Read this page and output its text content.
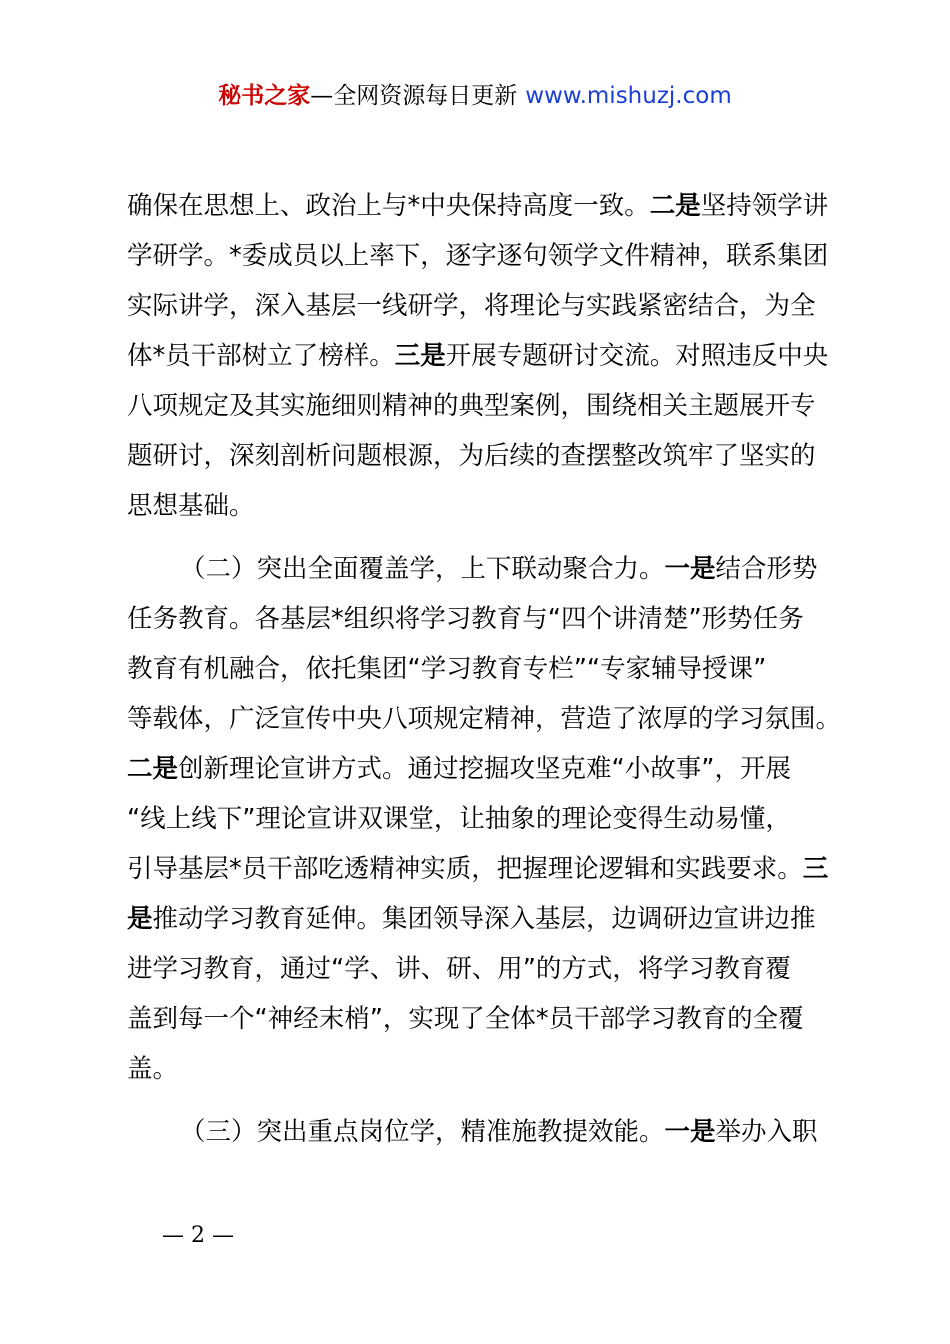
秘书之家—全网资源每日更新 www.mishuzj.com

确保在思想上、政治上与*中央保持高度一致。二是坚持领学讲

学研学。*委成员以上率下，逐字逐句领学文件精神，联系集团

实际讲学，深入基层一线研学，将理论与实践紧密结合，为全

体*员干部树立了榜样。三是开展专题研讨交流。对照违反中央

八项规定及其实施细则精神的典型案例，围绕相关主题展开专

题研讨，深刻剖析问题根源，为后续的查摆整改筑牢了坚实的

思想基础。

（二）突出全面覆盖学，上下联动聚合力。一是结合形势

任务教育。各基层*组织将学习教育与“四个讲清楚”形势任务

教育有机融合，依托集团“学习教育专栏”“专家辅导授课”

等载体，广泛宣传中央八项规定精神，营造了浓厚的学习氛围。

二是创新理论宣讲方式。通过挖掘攻坚克难“小故事”，开展

“线上线下”理论宣讲双课堂，让抽象的理论变得生动易懂，

引导基层*员干部吃透精神实质，把握理论逻辑和实践要求。三

是推动学习教育延伸。集团领导深入基层，边调研边宣讲边推

进学习教育，通过“学、讲、研、用”的方式，将学习教育覆

盖到每一个“神经末梢”，实现了全体*员干部学习教育的全覆

盖。

（三）突出重点岗位学，精准施教提效能。一是举办入职

— 2 —
